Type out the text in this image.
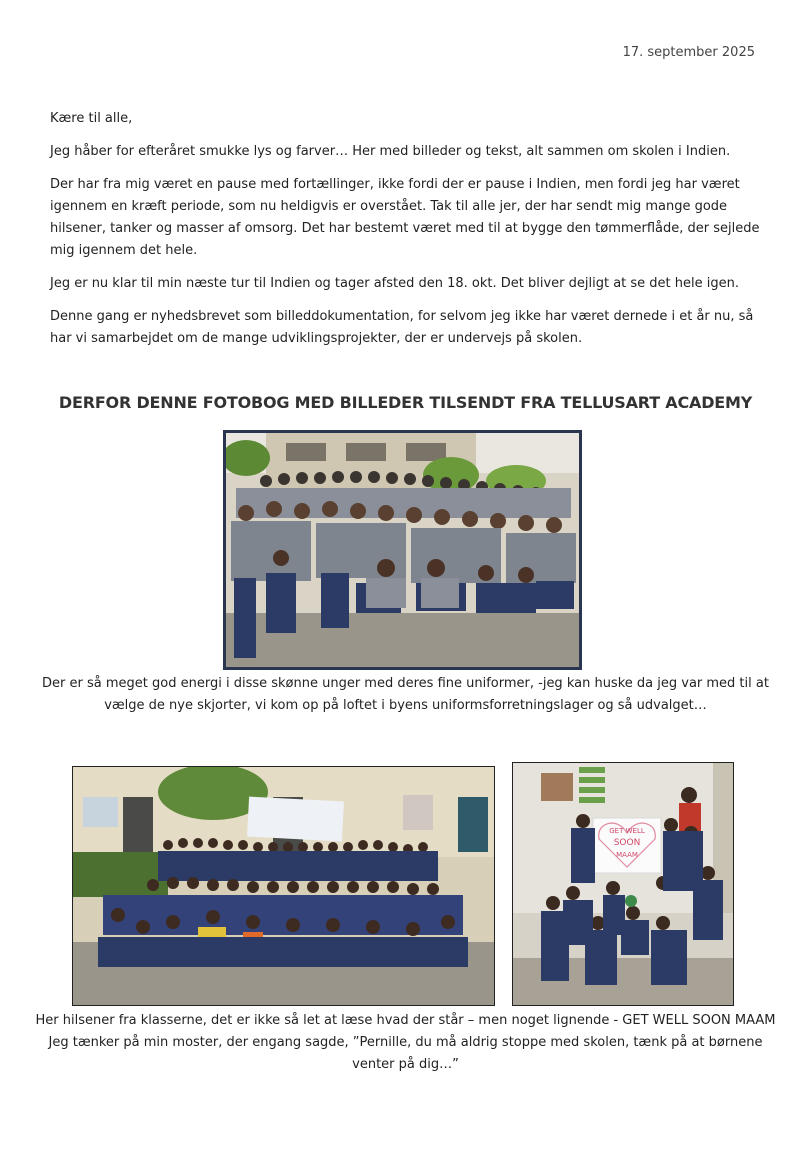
17. september 2025

Kære til alle,

Jeg håber for efteråret smukke lys og farver… Her med billeder og tekst, alt sammen om skolen i Indien.

Der har fra mig været en pause med fortællinger, ikke fordi der er pause i Indien, men fordi jeg har været igennem en kræft periode, som nu heldigvis er overstået. Tak til alle jer, der har sendt mig mange gode hilsener, tanker og masser af omsorg. Det har bestemt været med til at bygge den tømmerflåde, der sejlede mig igennem det hele.

Jeg er nu klar til min næste tur til Indien og tager afsted den 18. okt. Det bliver dejligt at se det hele igen.

Denne gang er nyhedsbrevet som billeddokumentation, for selvom jeg ikke har været dernede i et år nu, så har vi samarbejdet om de mange udviklingsprojekter, der er undervejs på skolen.

DERFOR DENNE FOTOBOG MED BILLEDER TILSENDT FRA TELLUSART ACADEMY
Der er så meget god energi i disse skønne unger med deres fine uniformer, -jeg kan huske da jeg var med til at
vælge de nye skjorter, vi kom op på loftet i byens uniformsforretningslager og så udvalget…
GET WELL
SOON
MAAM
Her hilsener fra klasserne, det er ikke så let at læse hvad der står – men noget lignende - GET WELL SOON MAAM
Jeg tænker på min moster, der engang sagde, ”Pernille, du må aldrig stoppe med skolen, tænk på at børnene
venter på dig…”
